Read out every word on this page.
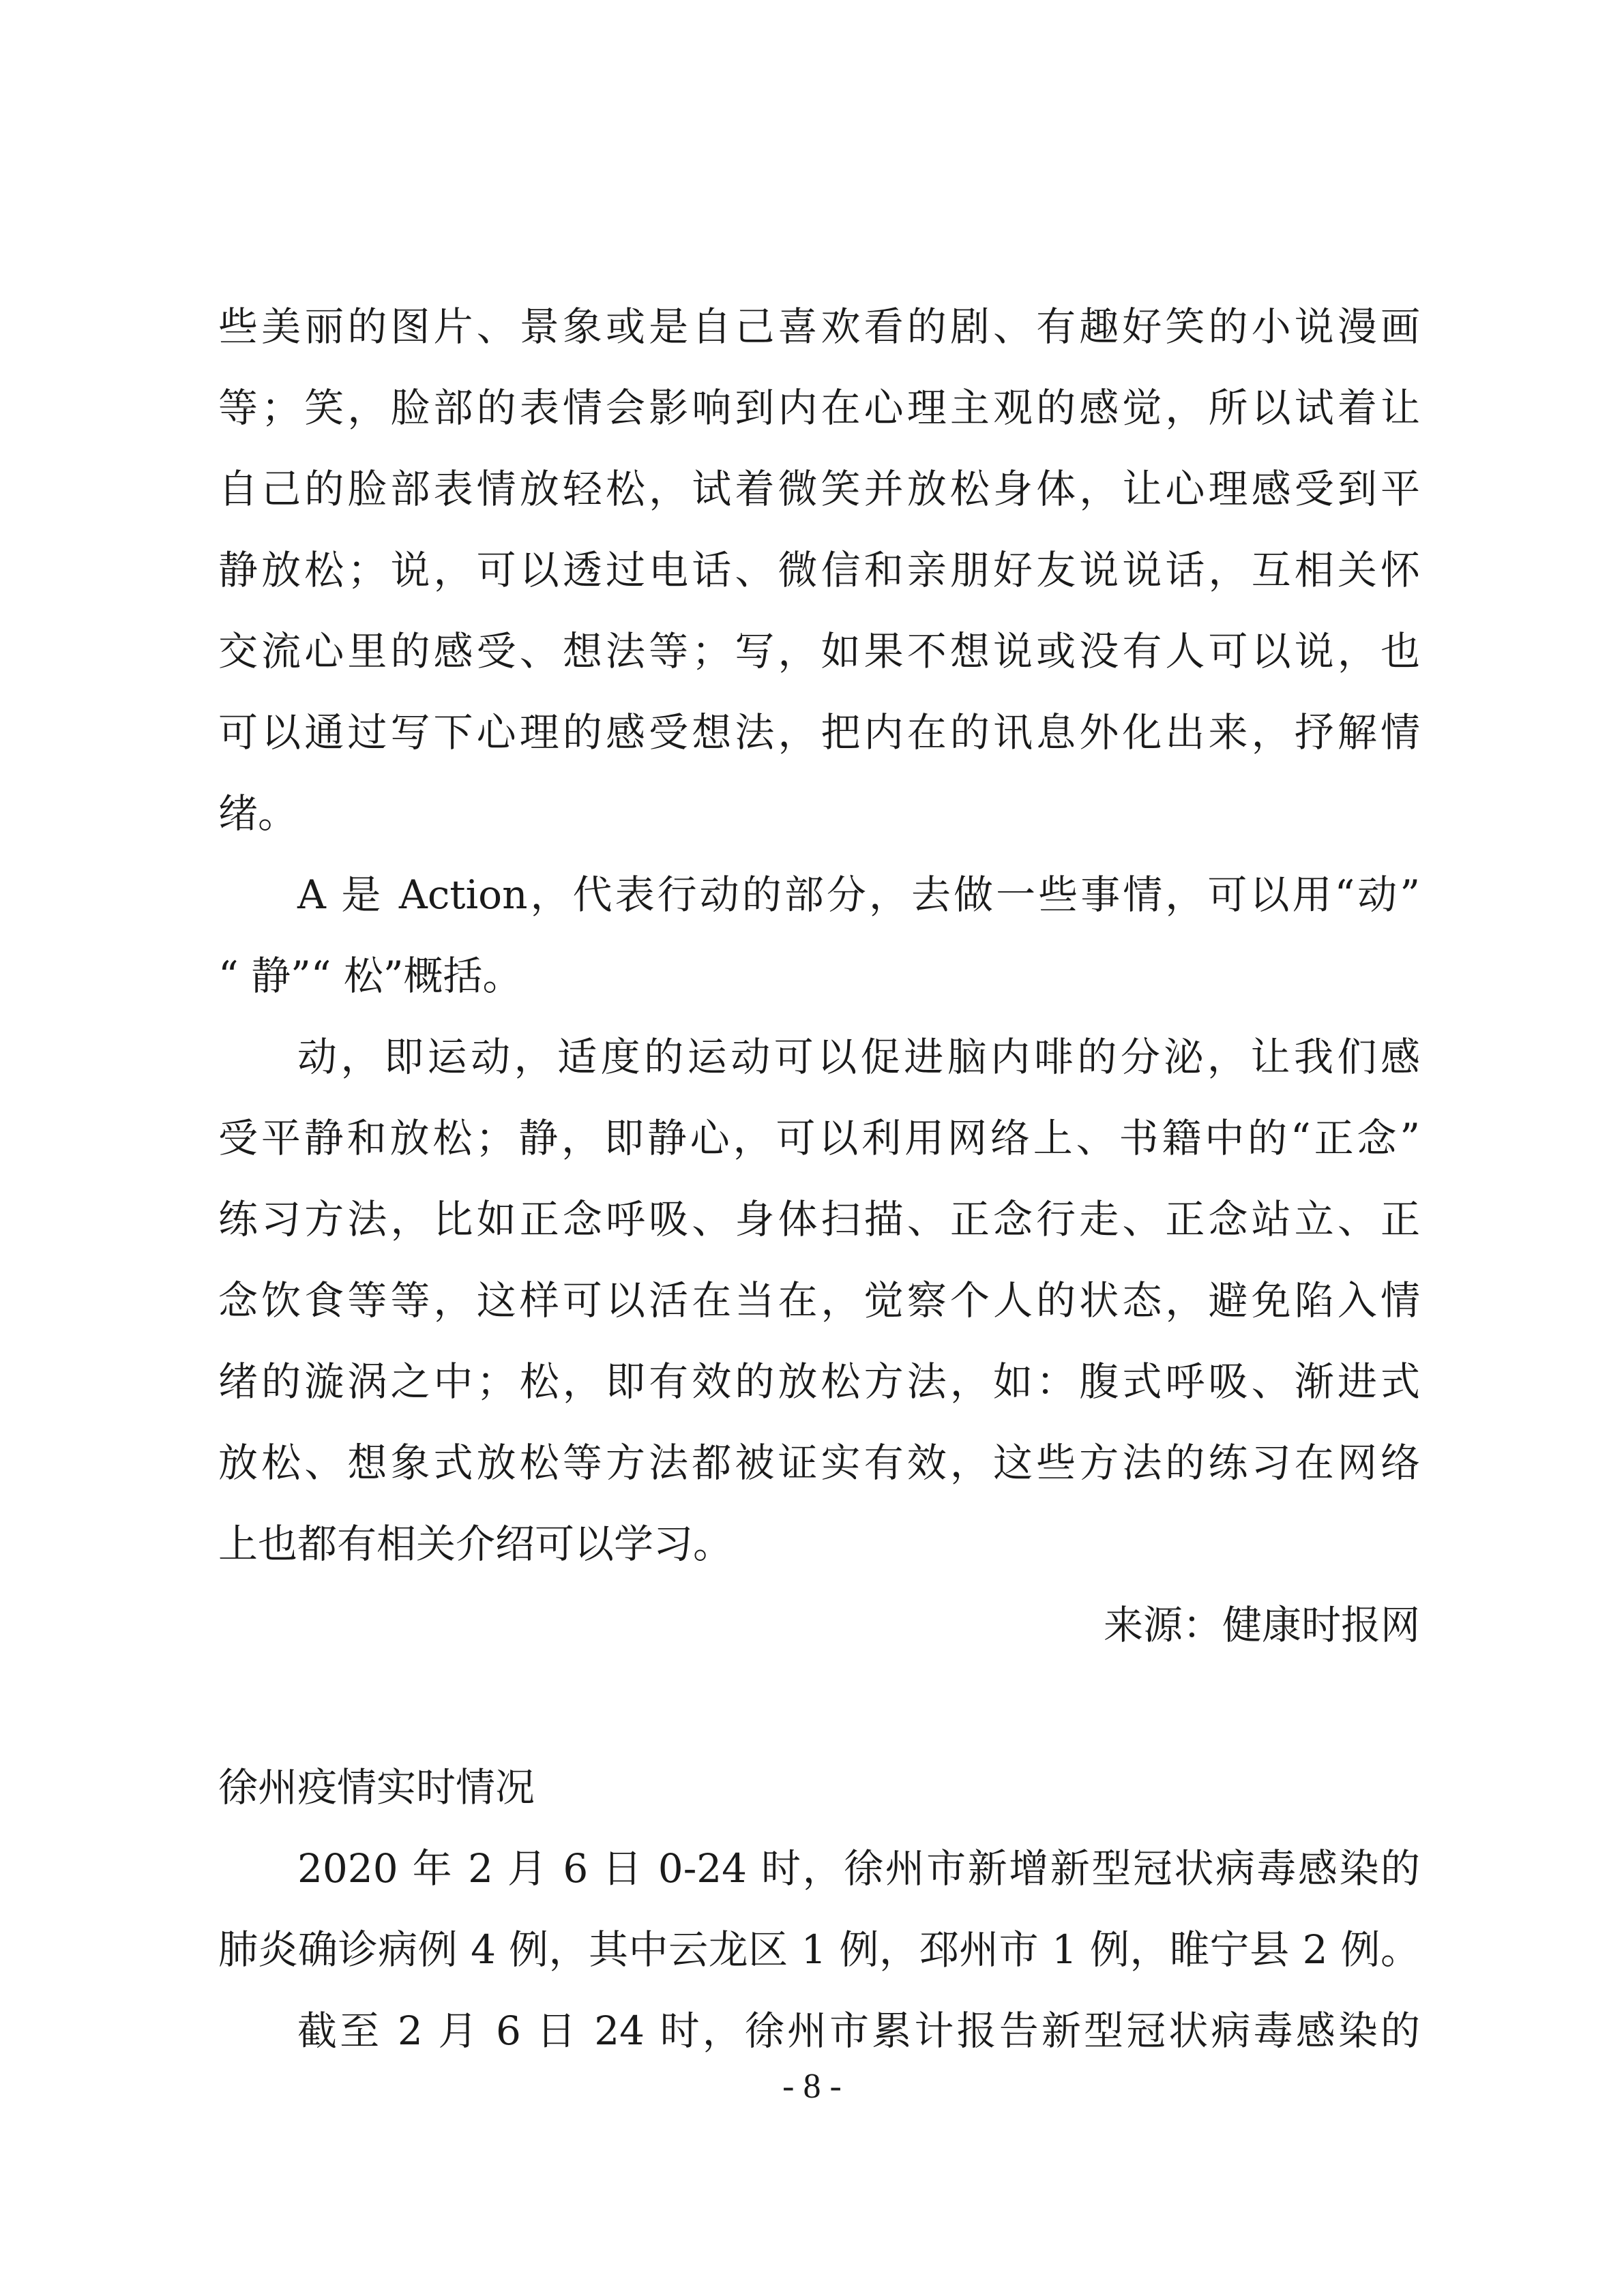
些美丽的图片、景象或是自己喜欢看的剧、有趣好笑的小说漫画
等；笑，脸部的表情会影响到内在心理主观的感觉，所以试着让
自己的脸部表情放轻松，试着微笑并放松身体，让心理感受到平
静放松；说，可以透过电话、微信和亲朋好友说说话，互相关怀
交流心里的感受、想法等；写，如果不想说或没有人可以说，也
可以通过写下心理的感受想法，把内在的讯息外化出来，抒解情
绪。
A 是 Action，代表行动的部分，去做一些事情，可以用“动”
“ 静”“ 松”概括。
动，即运动，适度的运动可以促进脑内啡的分泌，让我们感
受平静和放松；静，即静心，可以利用网络上、书籍中的“正念”
练习方法，比如正念呼吸、身体扫描、正念行走、正念站立、正
念饮食等等，这样可以活在当在，觉察个人的状态，避免陷入情
绪的漩涡之中；松，即有效的放松方法，如：腹式呼吸、渐进式
放松、想象式放松等方法都被证实有效，这些方法的练习在网络
上也都有相关介绍可以学习。
来源：健康时报网
徐州疫情实时情况
2020 年 2 月 6 日 0-24 时，徐州市新增新型冠状病毒感染的
肺炎确诊病例 4 例，其中云龙区 1 例，邳州市 1 例，睢宁县 2 例。
截至 2 月 6 日 24 时，徐州市累计报告新型冠状病毒感染的
- 8 -
